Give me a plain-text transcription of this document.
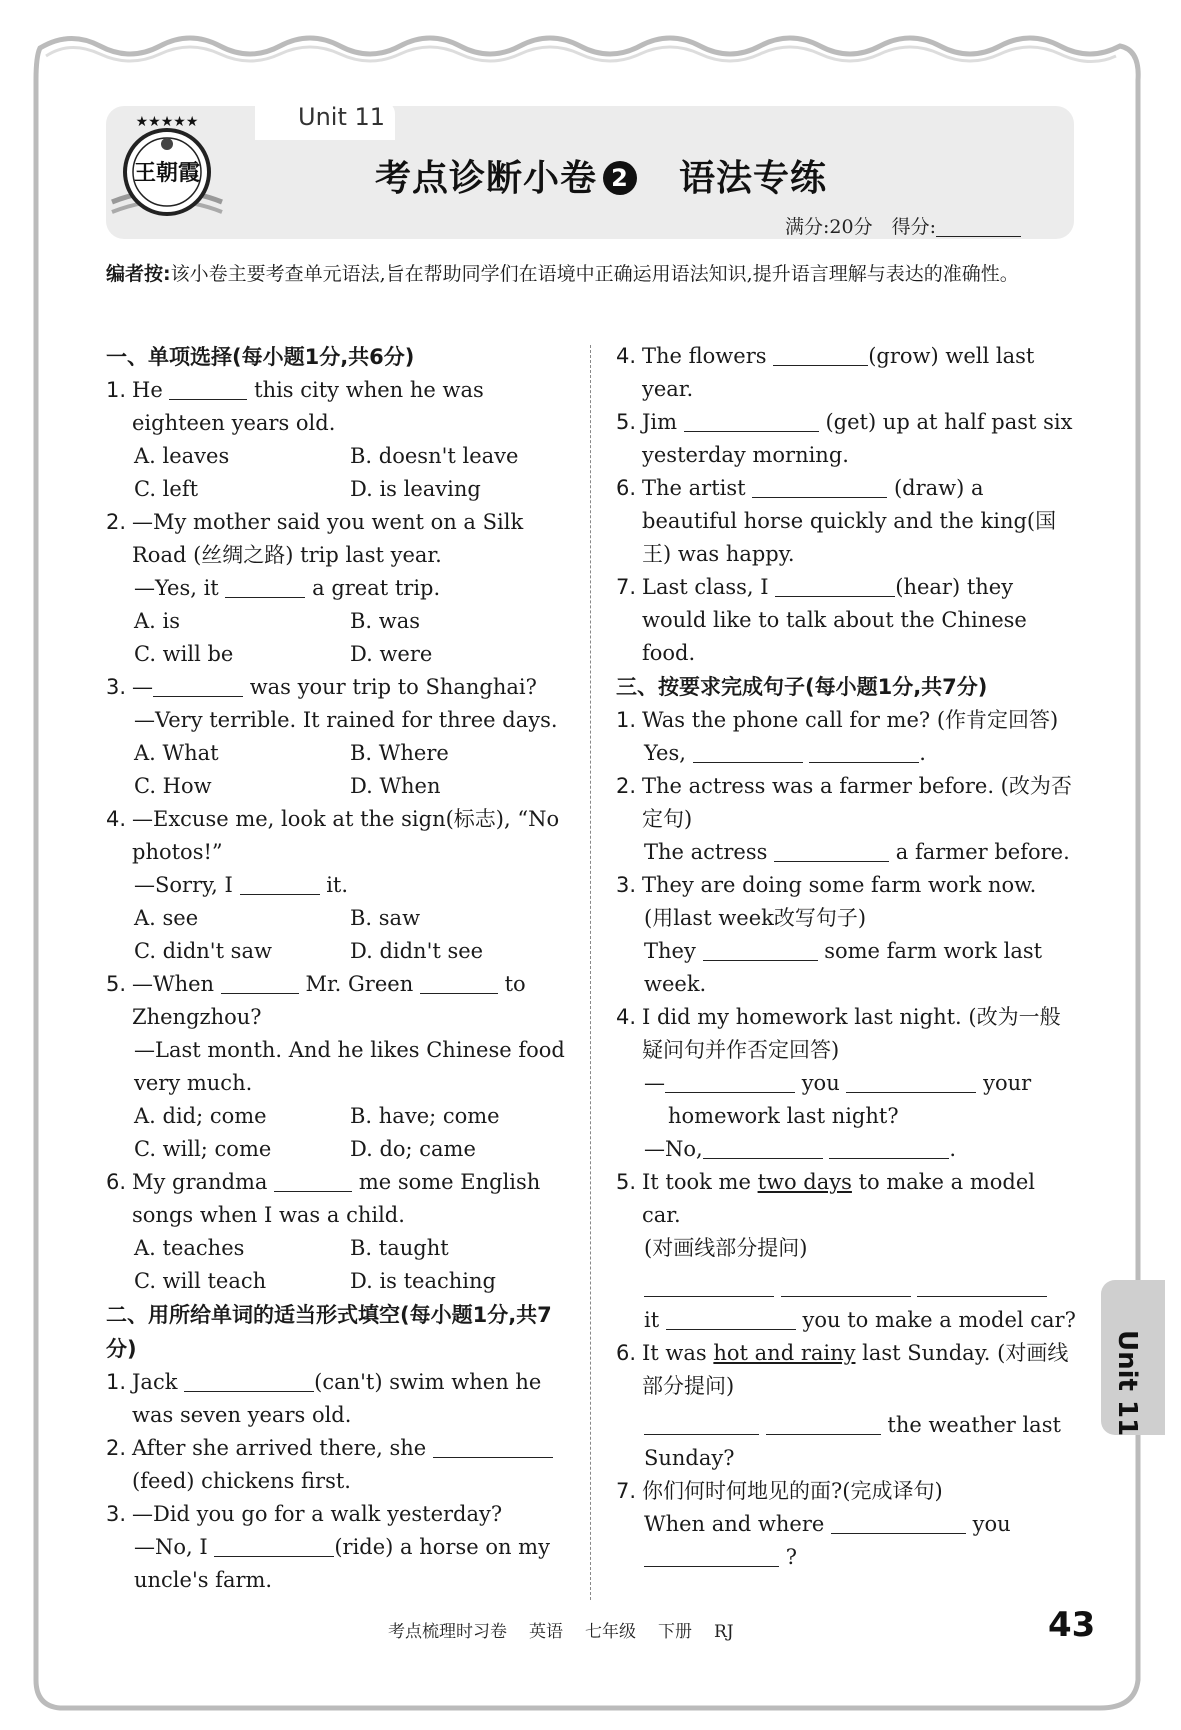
Unit 11
王朝霞
★★★★★
考点诊断小卷 2 语法专练
满分:20分　得分:
编者按:该小卷主要考查单元语法,旨在帮助同学们在语境中正确运用语法知识,提升语言理解与表达的准确性。
一、单项选择(每小题1分,共6分)
1. He	this city when he was eighteen years old.
A. leaves	B. doesn't leave
C. left	D. is leaving
2. —My mother said you went on a Silk Road (丝绸之路) trip last year.
—Yes, it	a great trip.
A. is	B. was
C. will be	D. were
3. —	was your trip to Shanghai?
—Very terrible. It rained for three days.
A. What	B. Where
C. How	D. When
4. —Excuse me, look at the sign(标志), “No photos!”
—Sorry, I	it.
A. see	B. saw
C. didn't saw	D. didn't see
5. —When	Mr. Green	to Zhengzhou?
—Last month. And he likes Chinese food very much.
A. did; come	B. have; come
C. will; come	D. do; came
6. My grandma	me some English songs when I was a child.
A. teaches	B. taught
C. will teach	D. is teaching
二、用所给单词的适当形式填空(每小题1分,共7分)
1. Jack	(can't) swim when he was seven years old.
2. After she arrived there, she  (feed) chickens first.
3. —Did you go for a walk yesterday?
—No, I	(ride) a horse on my uncle's farm.
4. The flowers	(grow) well last year.
5. Jim	(get) up at half past six yesterday morning.
6. The artist	(draw) a beautiful horse quickly and the king(国王) was happy.
7. Last class, I	(hear) they would like to talk about the Chinese food.
三、按要求完成句子(每小题1分,共7分)
1. Was the phone call for me? (作肯定回答)
Yes,	.
2. The actress was a farmer before. (改为否定句)
The actress	a farmer before.
3. They are doing some farm work now.
(用last week改写句子)
They	some farm work last week.
4. I did my homework last night. (改为一般疑问句并作否定回答)
—	you	your
homework last night?
—No,	.
5. It took me two days to make a model car.
(对画线部分提问)

it	you to make a model car?
6. It was hot and rainy last Sunday. (对画线部分提问)
the weather last
Sunday?
7. 你们何时何地见的面?(完成译句)
When and where	you
?
Unit 11
考点梳理时习卷 英语 七年级 下册 RJ	43
